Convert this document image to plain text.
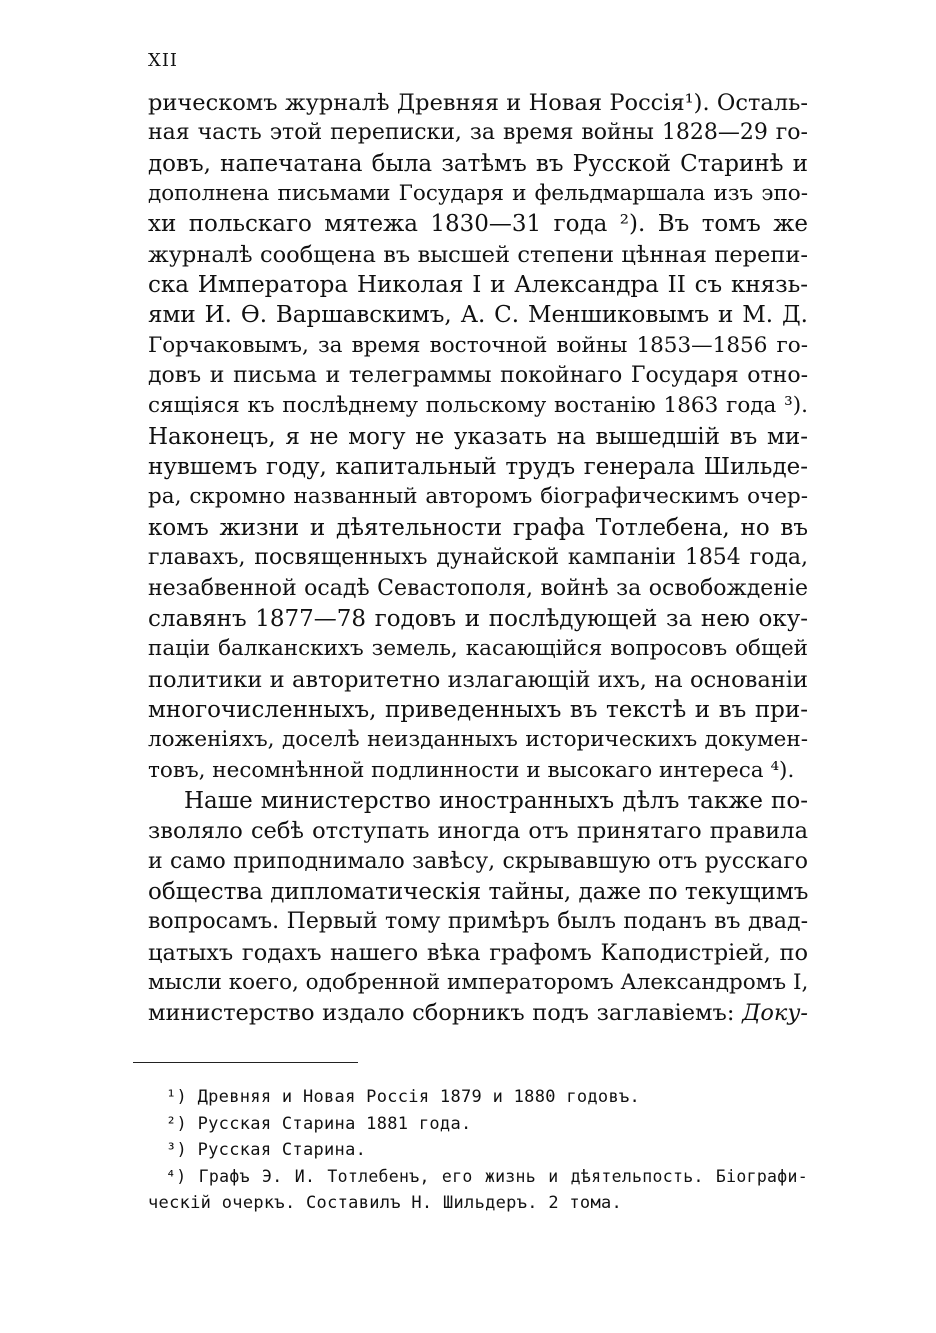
XII
рическомъ журналѣ Древняя и Новая Россія¹). Осталь-
ная часть этой переписки, за время войны 1828—29 го-
довъ, напечатана была затѣмъ въ Русской Старинѣ и
дополнена письмами Государя и фельдмаршала изъ эпо-
хи польскаго мятежа 1830—31 года ²). Въ томъ же
журналѣ сообщена въ высшей степени цѣнная перепи-
ска Императора Николая I и Александра II съ князь-
ями И. Ѳ. Варшавскимъ, А. С. Меншиковымъ и М. Д.
Горчаковымъ, за время восточной войны 1853—1856 го-
довъ и письма и телеграммы покойнаго Государя отно-
сящіяся къ послѣднему польскому востанію 1863 года ³).
Наконецъ, я не могу не указать на вышедшій въ ми-
нувшемъ году, капитальный трудъ генерала Шильде-
ра, скромно названный авторомъ біографическимъ очер-
комъ жизни и дѣятельности графа Тотлебена, но въ
главахъ, посвященныхъ дунайской кампаніи 1854 года,
незабвенной осадѣ Севастополя, войнѣ за освобожденіе
славянъ 1877—78 годовъ и послѣдующей за нею оку-
паціи балканскихъ земель, касающійся вопросовъ общей
политики и авторитетно излагающій ихъ, на основаніи
многочисленныхъ, приведенныхъ въ текстѣ и въ при-
ложеніяхъ, доселѣ неизданныхъ историческихъ докумен-
товъ, несомнѣнной подлинности и высокаго интереса ⁴).
Наше министерство иностранныхъ дѣлъ также по-
зволяло себѣ отступать иногда отъ принятаго правила
и само приподнимало завѣсу, скрывавшую отъ русскаго
общества дипломатическія тайны, даже по текущимъ
вопросамъ. Первый тому примѣръ былъ поданъ въ двад-
цатыхъ годахъ нашего вѣка графомъ Каподистріей, по
мысли коего, одобренной императоромъ Александромъ I,
министерство издало сборникъ подъ заглавіемъ: Доку-
¹) Древняя и Новая Россія 1879 и 1880 годовъ.
²) Русская Старина 1881 года.
³) Русская Старина.
⁴) Графъ Э. И. Тотлебенъ, его жизнь и дѣятельпость. Біографи-
ческій очеркъ. Составилъ Н. Шильдеръ. 2 тома.
